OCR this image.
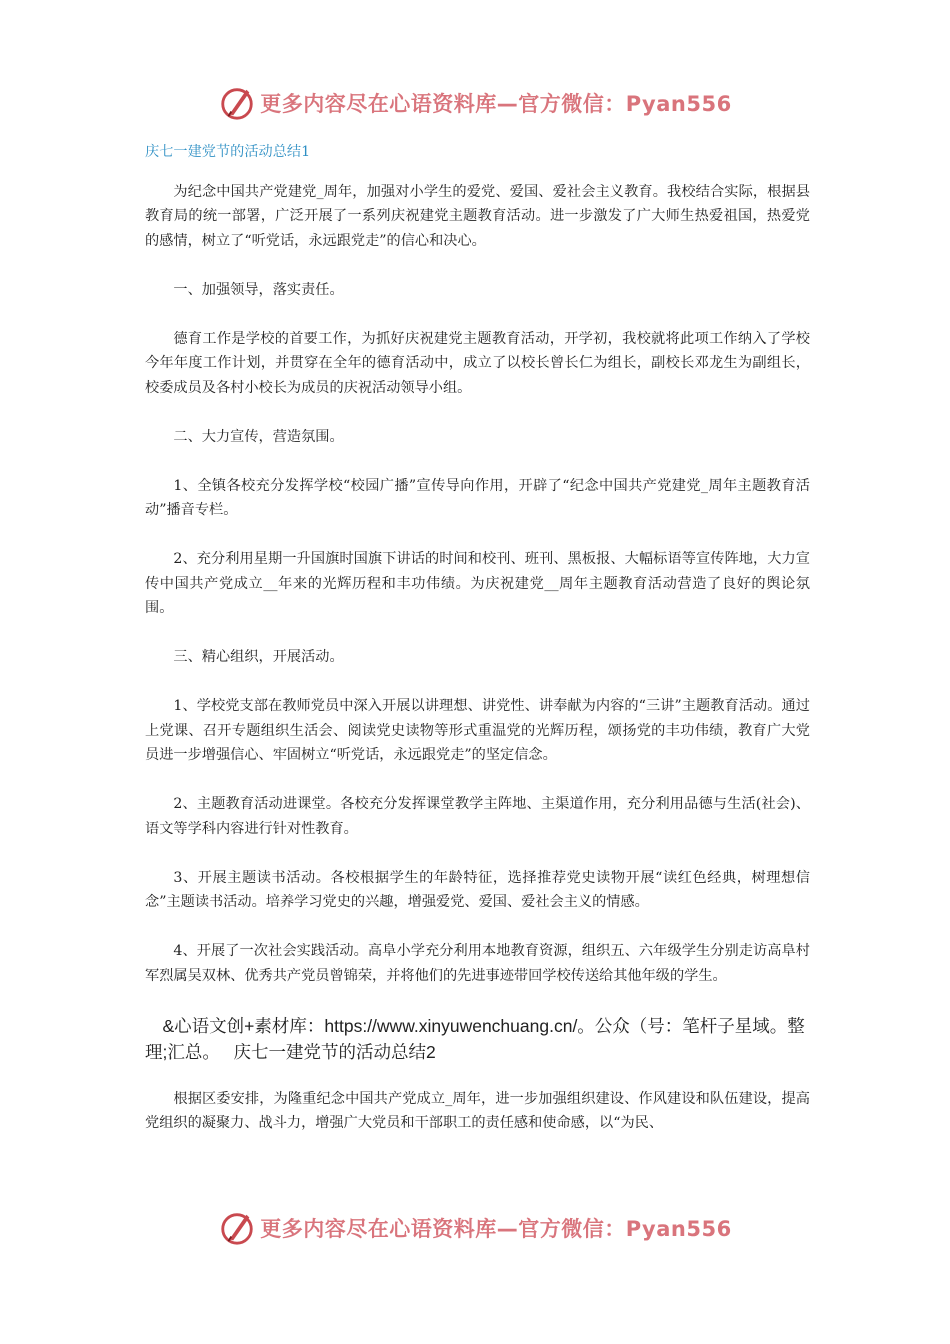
更多内容尽在心语资料库—官方微信：Pyan556
庆七一建党节的活动总结1

为纪念中国共产党建党_周年，加强对小学生的爱党、爱国、爱社会主义教育。我校结合实际，根据县教育局的统一部署，广泛开展了一系列庆祝建党主题教育活动。进一步激发了广大师生热爱祖国，热爱党的感情，树立了“听党话，永远跟党走”的信心和决心。

一、加强领导，落实责任。

德育工作是学校的首要工作，为抓好庆祝建党主题教育活动，开学初，我校就将此项工作纳入了学校今年年度工作计划，并贯穿在全年的德育活动中，成立了以校长曾长仁为组长，副校长邓龙生为副组长，校委成员及各村小校长为成员的庆祝活动领导小组。

二、大力宣传，营造氛围。

1、全镇各校充分发挥学校“校园广播”宣传导向作用，开辟了“纪念中国共产党建党_周年主题教育活动”播音专栏。

2、充分利用星期一升国旗时国旗下讲话的时间和校刊、班刊、黑板报、大幅标语等宣传阵地，大力宣传中国共产党成立__年来的光辉历程和丰功伟绩。为庆祝建党__周年主题教育活动营造了良好的舆论氛围。

三、精心组织，开展活动。

1、学校党支部在教师党员中深入开展以讲理想、讲党性、讲奉献为内容的“三讲”主题教育活动。通过上党课、召开专题组织生活会、阅读党史读物等形式重温党的光辉历程，颂扬党的丰功伟绩，教育广大党员进一步增强信心、牢固树立“听党话，永远跟党走”的坚定信念。

2、主题教育活动进课堂。各校充分发挥课堂教学主阵地、主渠道作用，充分利用品德与生活(社会)、语文等学科内容进行针对性教育。

3、开展主题读书活动。各校根据学生的年龄特征，选择推荐党史读物开展“读红色经典，树理想信念”主题读书活动。培养学习党史的兴趣，增强爱党、爱国、爱社会主义的情感。

4、开展了一次社会实践活动。高阜小学充分利用本地教育资源，组织五、六年级学生分别走访高阜村军烈属吴双林、优秀共产党员曾锦荣，并将他们的先进事迹带回学校传送给其他年级的学生。

&心语文创+素材库：https://www.xinyuwenchuang.cn/。公众（号：笔杆子星域。整理;汇总。　 庆七一建党节的活动总结2

根据区委安排，为隆重纪念中国共产党成立_周年，进一步加强组织建设、作风建设和队伍建设，提高党组织的凝聚力、战斗力，增强广大党员和干部职工的责任感和使命感，以“为民、

更多内容尽在心语资料库—官方微信：Pyan556
